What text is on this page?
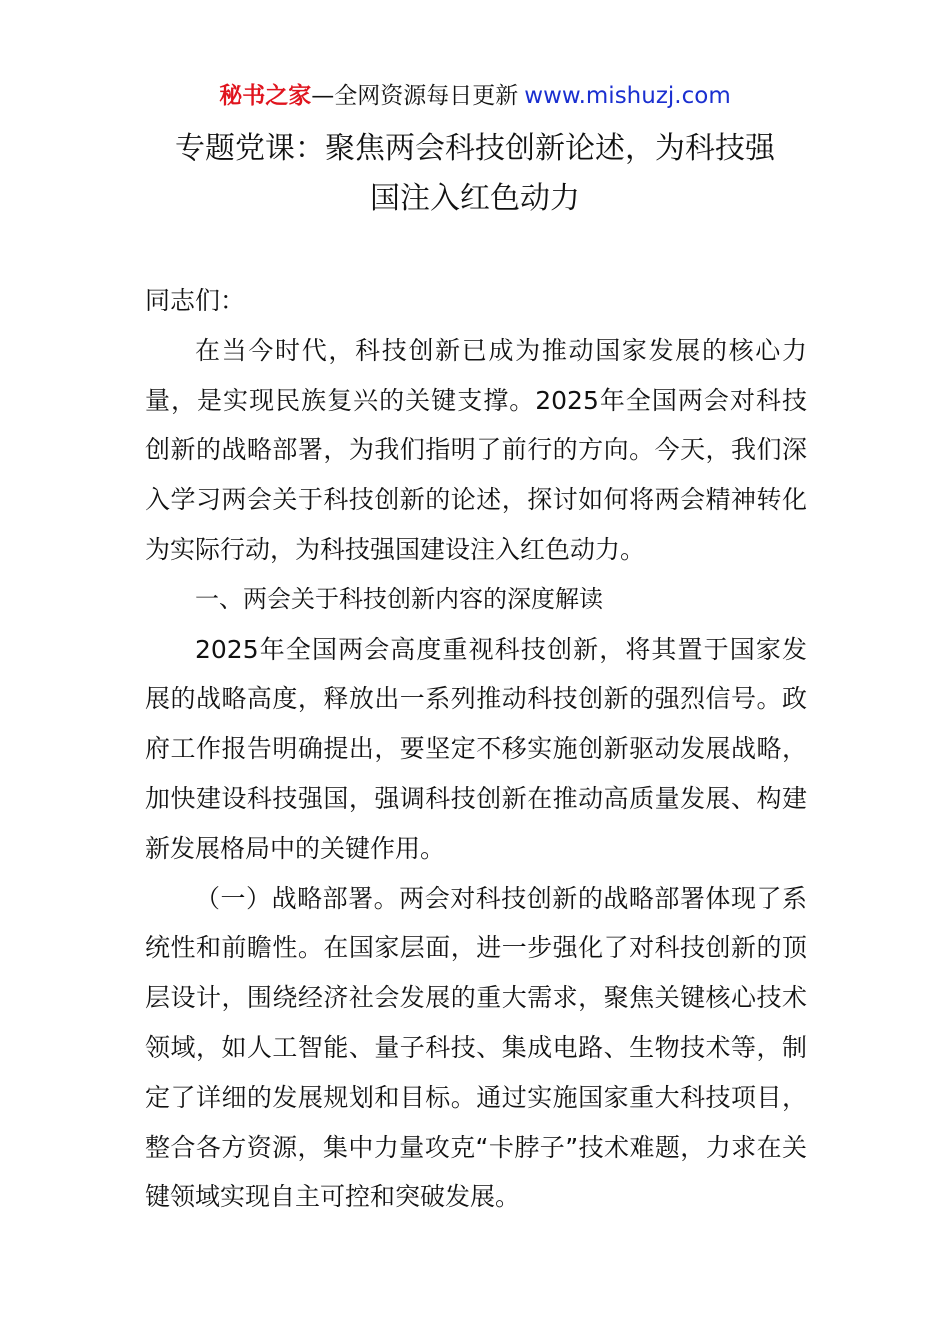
秘书之家—全网资源每日更新 www.mishuzj.com
专题党课：聚焦两会科技创新论述，为科技强
国注入红色动力

同志们：

在当今时代，科技创新已成为推动国家发展的核心力量，是实现民族复兴的关键支撑。2025年全国两会对科技创新的战略部署，为我们指明了前行的方向。今天，我们深入学习两会关于科技创新的论述，探讨如何将两会精神转化为实际行动，为科技强国建设注入红色动力。

一、两会关于科技创新内容的深度解读

2025年全国两会高度重视科技创新，将其置于国家发展的战略高度，释放出一系列推动科技创新的强烈信号。政府工作报告明确提出，要坚定不移实施创新驱动发展战略，加快建设科技强国，强调科技创新在推动高质量发展、构建新发展格局中的关键作用。

（一）战略部署。两会对科技创新的战略部署体现了系统性和前瞻性。在国家层面，进一步强化了对科技创新的顶层设计，围绕经济社会发展的重大需求，聚焦关键核心技术领域，如人工智能、量子科技、集成电路、生物技术等，制定了详细的发展规划和目标。通过实施国家重大科技项目，整合各方资源，集中力量攻克“卡脖子”技术难题，力求在关键领域实现自主可控和突破发展。
